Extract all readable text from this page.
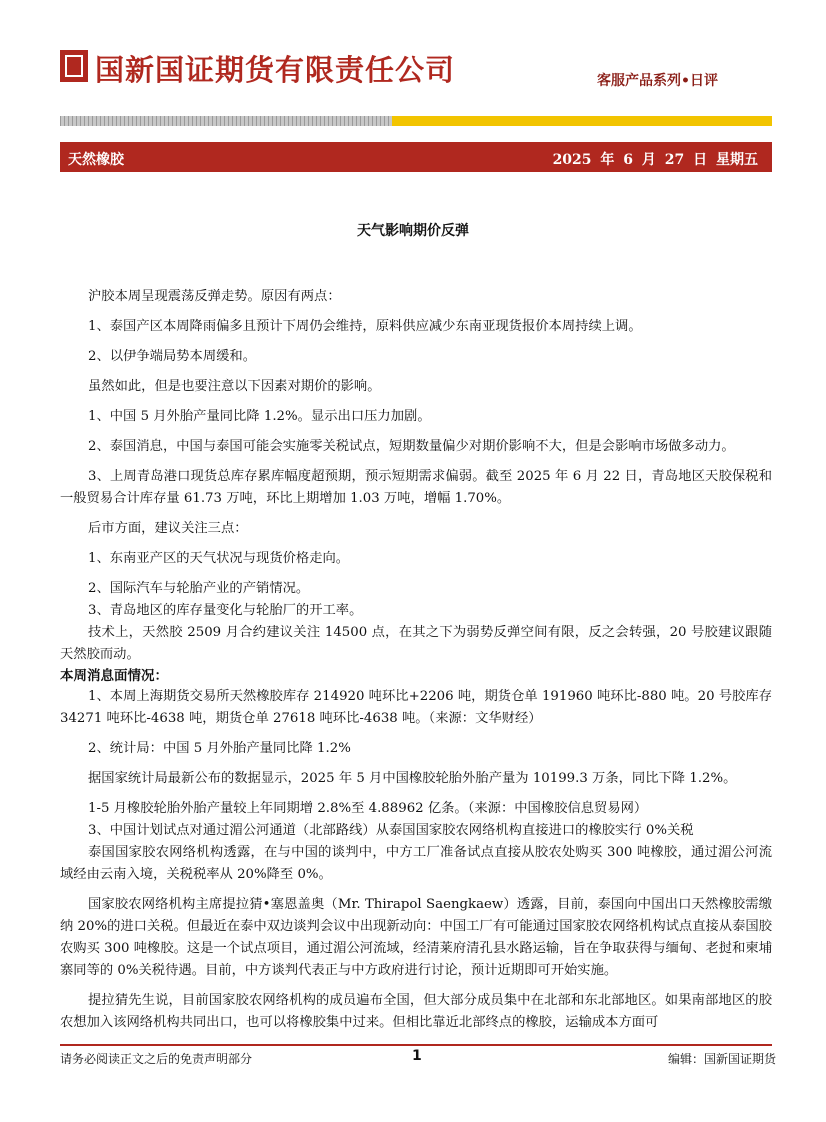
国新国证期货有限责任公司	客服产品系列•日评
天然橡胶	2025 年 6 月 27 日 星期五
天气影响期价反弹

沪胶本周呈现震荡反弹走势。原因有两点：

1、泰国产区本周降雨偏多且预计下周仍会维持，原料供应减少东南亚现货报价本周持续上调。

2、以伊争端局势本周缓和。

虽然如此，但是也要注意以下因素对期价的影响。

1、中国 5 月外胎产量同比降 1.2%。显示出口压力加剧。

2、泰国消息，中国与泰国可能会实施零关税试点，短期数量偏少对期价影响不大，但是会影响市场做多动力。

3、上周青岛港口现货总库存累库幅度超预期，预示短期需求偏弱。截至 2025 年 6 月 22 日，青岛地区天胶保税和一般贸易合计库存量 61.73 万吨，环比上期增加 1.03 万吨，增幅 1.70%。

后市方面，建议关注三点：

1、东南亚产区的天气状况与现货价格走向。

2、国际汽车与轮胎产业的产销情况。

3、青岛地区的库存量变化与轮胎厂的开工率。

技术上，天然胶 2509 月合约建议关注 14500 点，在其之下为弱势反弹空间有限，反之会转强，20 号胶建议跟随天然胶而动。

本周消息面情况：

1、本周上海期货交易所天然橡胶库存 214920 吨环比+2206 吨，期货仓单 191960 吨环比-880 吨。20 号胶库存 34271 吨环比-4638 吨，期货仓单 27618 吨环比-4638 吨。（来源：文华财经）

2、统计局：中国 5 月外胎产量同比降 1.2%

据国家统计局最新公布的数据显示，2025 年 5 月中国橡胶轮胎外胎产量为 10199.3 万条，同比下降 1.2%。

1-5 月橡胶轮胎外胎产量较上年同期增 2.8%至 4.88962 亿条。（来源：中国橡胶信息贸易网）

3、中国计划试点对通过湄公河通道（北部路线）从泰国国家胶农网络机构直接进口的橡胶实行 0%关税

泰国国家胶农网络机构透露，在与中国的谈判中，中方工厂准备试点直接从胶农处购买 300 吨橡胶，通过湄公河流域经由云南入境，关税税率从 20%降至 0%。

国家胶农网络机构主席提拉猜•塞恩盖奥（Mr. Thirapol Saengkaew）透露，目前，泰国向中国出口天然橡胶需缴纳 20%的进口关税。但最近在泰中双边谈判会议中出现新动向：中国工厂有可能通过国家胶农网络机构试点直接从泰国胶农购买 300 吨橡胶。这是一个试点项目，通过湄公河流域，经清莱府清孔县水路运输，旨在争取获得与缅甸、老挝和柬埔寨同等的 0%关税待遇。目前，中方谈判代表正与中方政府进行讨论，预计近期即可开始实施。

提拉猜先生说，目前国家胶农网络机构的成员遍布全国，但大部分成员集中在北部和东北部地区。如果南部地区的胶农想加入该网络机构共同出口，也可以将橡胶集中过来。但相比靠近北部终点的橡胶，运输成本方面可

请务必阅读正文之后的免责声明部分	1	编辑：国新国证期货
